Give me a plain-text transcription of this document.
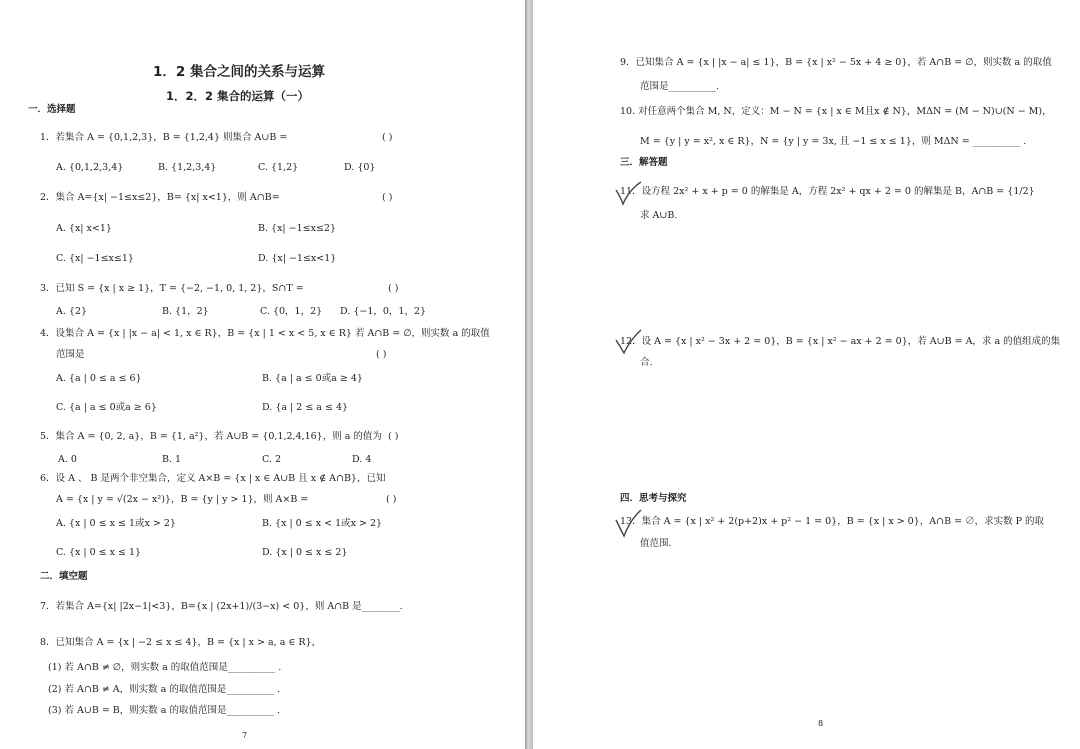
1．2 集合之间的关系与运算
1．2．2 集合的运算（一）
一．选择题
1．若集合 A = {0,1,2,3}，B = {1,2,4} 则集合 A∪B =	( )
A. {0,1,2,3,4}	B. {1,2,3,4}	C. {1,2}	D. {0}
2．集合 A={x| −1≤x≤2}，B= {x| x<1}，则 A∩B=	( )
A. {x| x<1}	B. {x| −1≤x≤2}
C. {x| −1≤x≤1}	D. {x| −1≤x<1}
3．已知 S = {x | x ≥ 1}，T = {−2, −1, 0, 1, 2}，S∩T =	( )
A. {2}	B. {1，2}	C. {0，1，2} D. {−1，0，1，2}
4．设集合 A = {x | |x − a| < 1, x ∈ R}，B = {x | 1 < x < 5, x ∈ R} 若 A∩B = ∅，则实数 a 的取值
范围是	( )
A. {a | 0 ≤ a ≤ 6}	B. {a | a ≤ 0或a ≥ 4}
C. {a | a ≤ 0或a ≥ 6}	D. {a | 2 ≤ a ≤ 4}
5．集合 A = {0, 2, a}，B = {1, a²}，若 A∪B = {0,1,2,4,16}，则 a 的值为 ( )
A. 0	B. 1	C. 2	D. 4
6．设 A 、 B 是两个非空集合，定义 A×B = {x | x ∈ A∪B 且 x ∉ A∩B}，已知
A = {x | y = √(2x − x²)}，B = {y | y > 1}，则 A×B =	( )
A. {x | 0 ≤ x ≤ 1或x > 2}	B. {x | 0 ≤ x < 1或x > 2}
C. {x | 0 ≤ x ≤ 1}	D. {x | 0 ≤ x ≤ 2}
二．填空题
7．若集合 A={x| |2x−1|<3}，B={x | (2x+1)/(3−x) < 0}，则 A∩B 是________.
8．已知集合 A = {x | −2 ≤ x ≤ 4}，B = {x | x > a, a ∈ R}，
(1) 若 A∩B ≠ ∅，则实数 a 的取值范围是__________ .
(2) 若 A∩B ≠ A，则实数 a 的取值范围是__________ .
(3) 若 A∪B = B，则实数 a 的取值范围是__________ .
7
9．已知集合 A = {x | |x − a| ≤ 1}，B = {x | x² − 5x + 4 ≥ 0}，若 A∩B = ∅，则实数 a 的取值
范围是__________.
10. 对任意两个集合 M, N，定义：M − N = {x | x ∈ M且x ∉ N}，MΔN = (M − N)∪(N − M)，
M = {y | y = x², x ∈ R}，N = {y | y = 3x, 且 −1 ≤ x ≤ 1}，则 MΔN = __________ .
三．解答题
11．设方程 2x² + x + p = 0 的解集是 A，方程 2x² + qx + 2 = 0 的解集是 B，A∩B = {1/2}
求 A∪B.
12．设 A = {x | x² − 3x + 2 = 0}，B = {x | x² − ax + 2 = 0}，若 A∪B = A，求 a 的值组成的集
合.
四．思考与探究
13．集合 A = {x | x² + 2(p+2)x + p² − 1 = 0}，B = {x | x > 0}，A∩B = ∅，求实数 P 的取
值范围.
8
